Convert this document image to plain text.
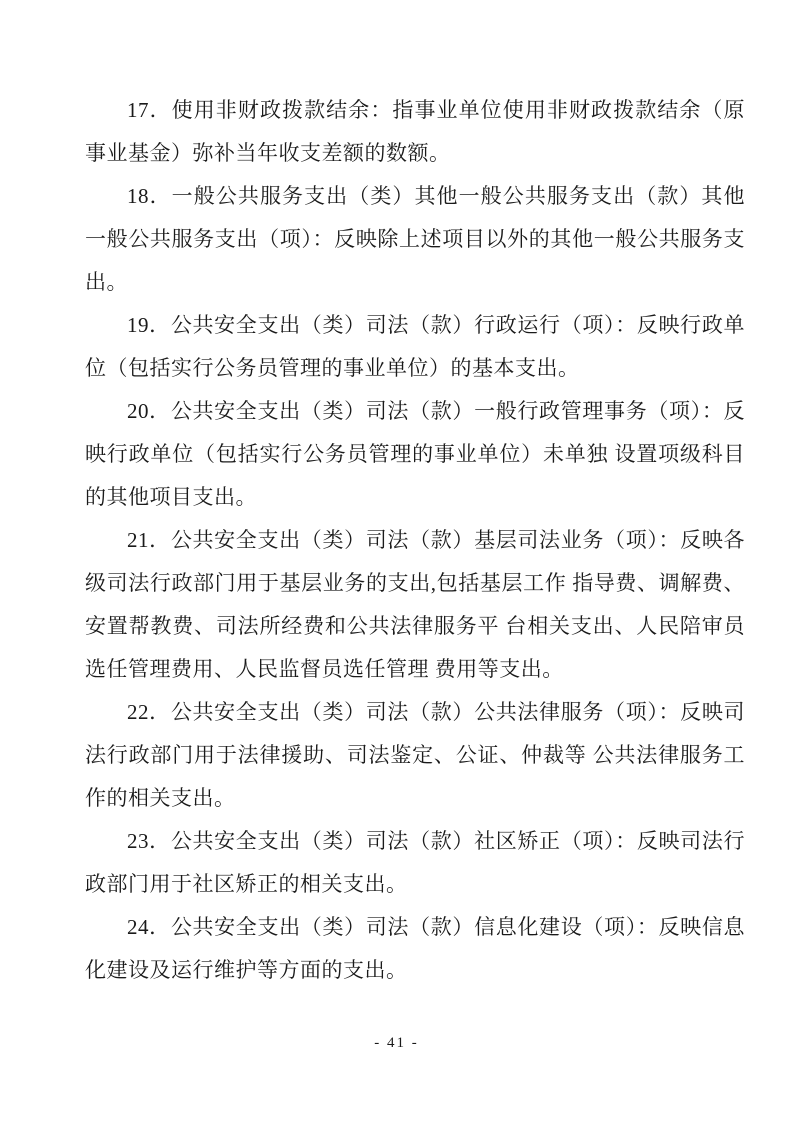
17．使用非财政拨款结余：指事业单位使用非财政拨款结余（原事业基金）弥补当年收支差额的数额。

18．一般公共服务支出（类）其他一般公共服务支出（款）其他一般公共服务支出（项）：反映除上述项目以外的其他一般公共服务支出。

19．公共安全支出（类）司法（款）行政运行（项）：反映行政单位（包括实行公务员管理的事业单位）的基本支出。

20．公共安全支出（类）司法（款）一般行政管理事务（项）：反映行政单位（包括实行公务员管理的事业单位）未单独 设置项级科目的其他项目支出。

21．公共安全支出（类）司法（款）基层司法业务（项）：反映各级司法行政部门用于基层业务的支出,包括基层工作 指导费、调解费、安置帮教费、司法所经费和公共法律服务平 台相关支出、人民陪审员选任管理费用、人民监督员选任管理 费用等支出。

22．公共安全支出（类）司法（款）公共法律服务（项）：反映司法行政部门用于法律援助、司法鉴定、公证、仲裁等 公共法律服务工作的相关支出。

23．公共安全支出（类）司法（款）社区矫正（项）：反映司法行政部门用于社区矫正的相关支出。

24．公共安全支出（类）司法（款）信息化建设（项）：反映信息化建设及运行维护等方面的支出。

- 41 -
